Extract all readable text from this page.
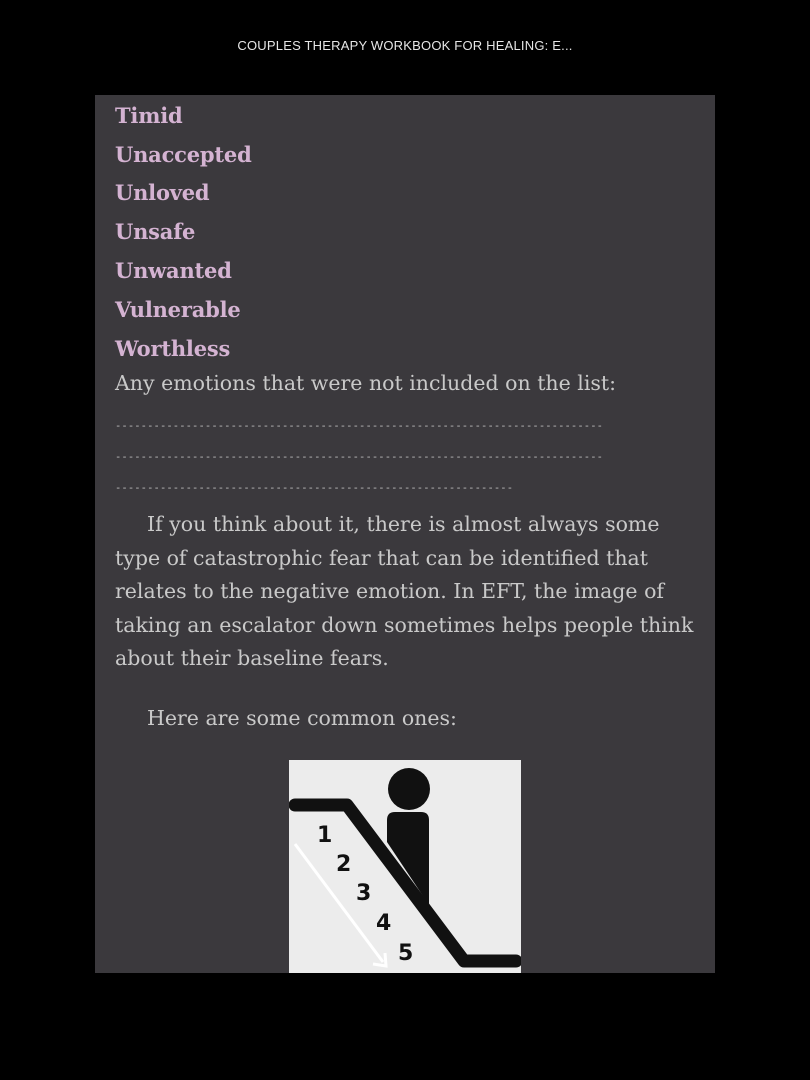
COUPLES THERAPY WORKBOOK FOR HEALING: E...
Timid
Unaccepted
Unloved
Unsafe
Unwanted
Vulnerable
Worthless
Any emotions that were not included on the list:
----------------------------------------------------------------------------
----------------------------------------------------------------------------
--------------------------------------------------------------
If you think about it, there is almost always some type of catastrophic fear that can be identified that relates to the negative emotion. In EFT, the image of taking an escalator down sometimes helps people think about their baseline fears.
Here are some common ones:
1
2
3
4
5
